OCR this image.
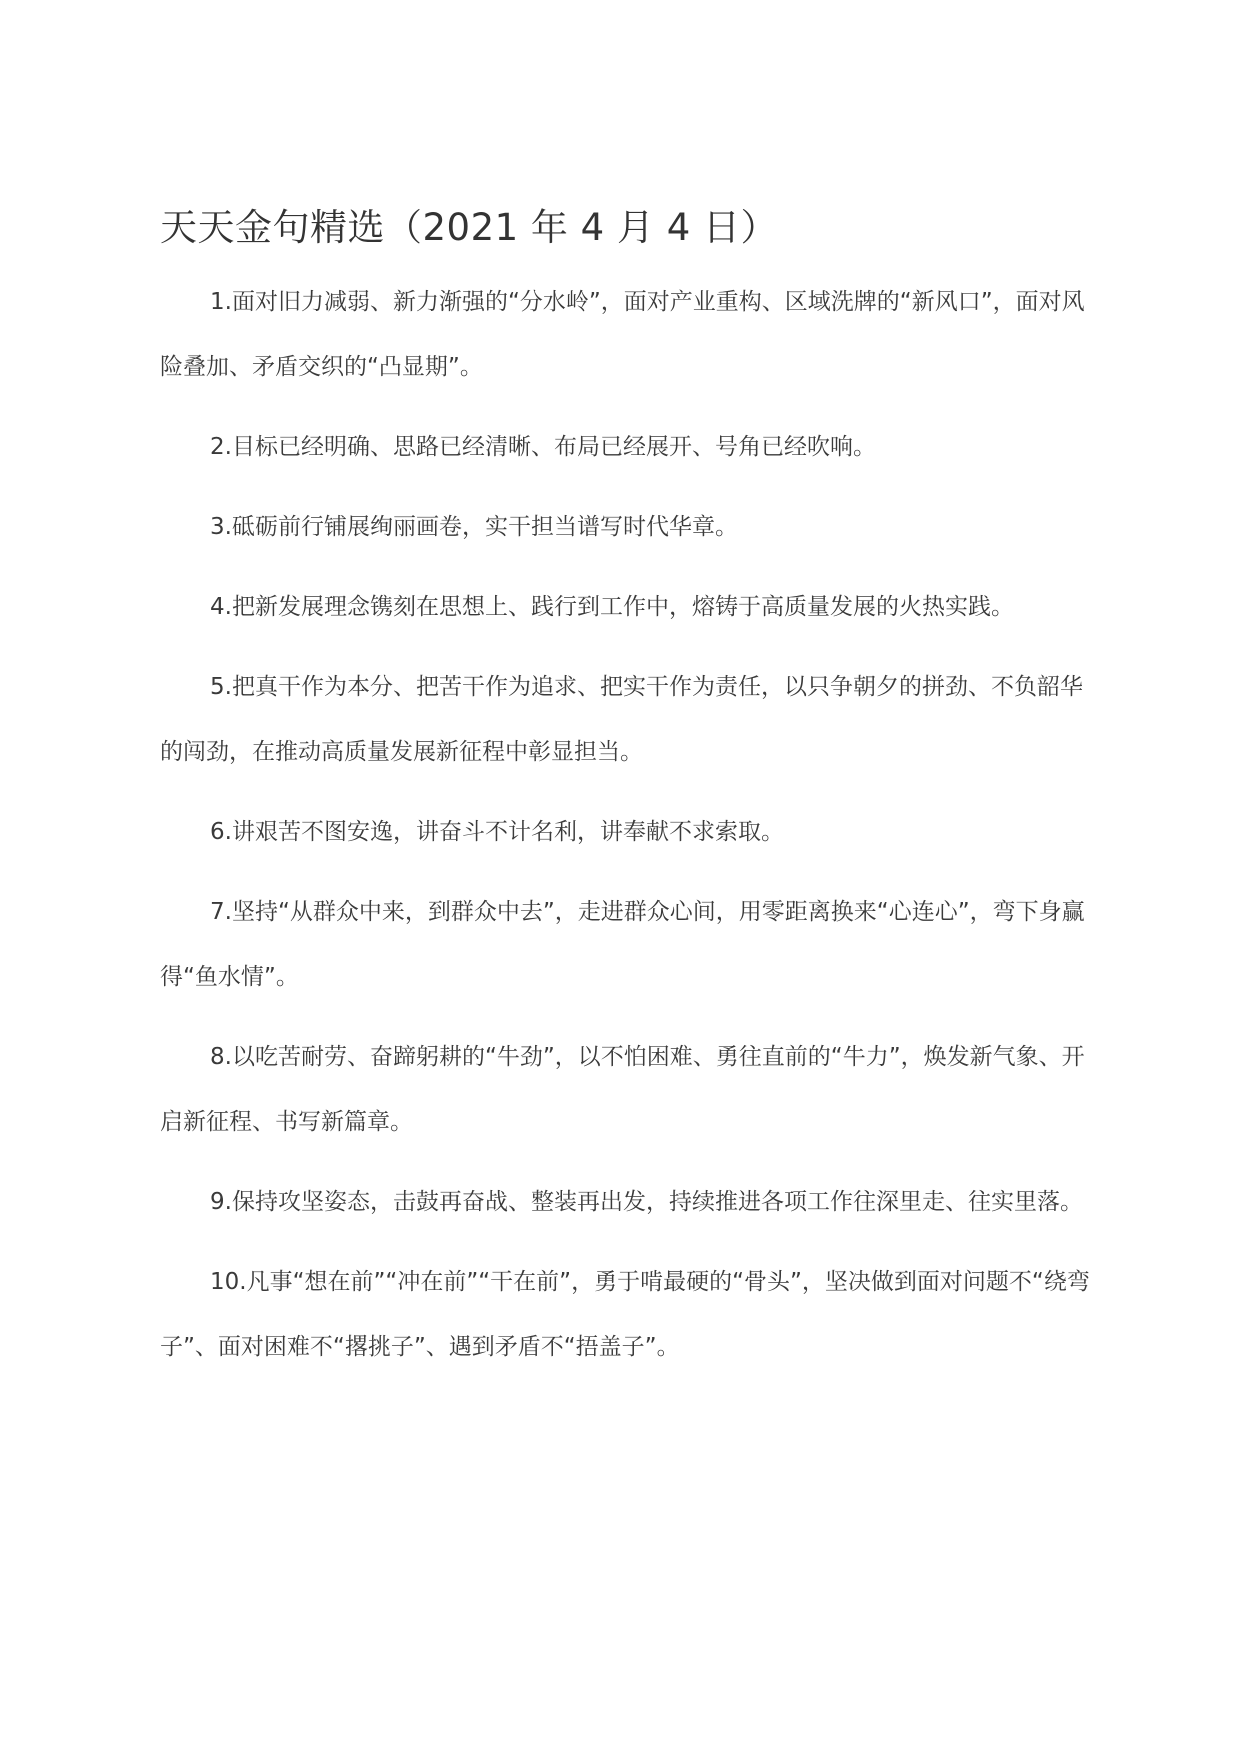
天天金句精选（2021 年 4 月 4 日）

1.面对旧力减弱、新力渐强的“分水岭”，面对产业重构、区域洗牌的“新风口”，面对风险叠加、矛盾交织的“凸显期”。

2.目标已经明确、思路已经清晰、布局已经展开、号角已经吹响。

3.砥砺前行铺展绚丽画卷，实干担当谱写时代华章。

4.把新发展理念镌刻在思想上、践行到工作中，熔铸于高质量发展的火热实践。

5.把真干作为本分、把苦干作为追求、把实干作为责任，以只争朝夕的拼劲、不负韶华的闯劲，在推动高质量发展新征程中彰显担当。

6.讲艰苦不图安逸，讲奋斗不计名利，讲奉献不求索取。

7.坚持“从群众中来，到群众中去”，走进群众心间，用零距离换来“心连心”，弯下身赢得“鱼水情”。

8.以吃苦耐劳、奋蹄躬耕的“牛劲”，以不怕困难、勇往直前的“牛力”，焕发新气象、开启新征程、书写新篇章。

9.保持攻坚姿态，击鼓再奋战、整装再出发，持续推进各项工作往深里走、往实里落。

10.凡事“想在前”“冲在前”“干在前”，勇于啃最硬的“骨头”，坚决做到面对问题不“绕弯子”、面对困难不“撂挑子”、遇到矛盾不“捂盖子”。
